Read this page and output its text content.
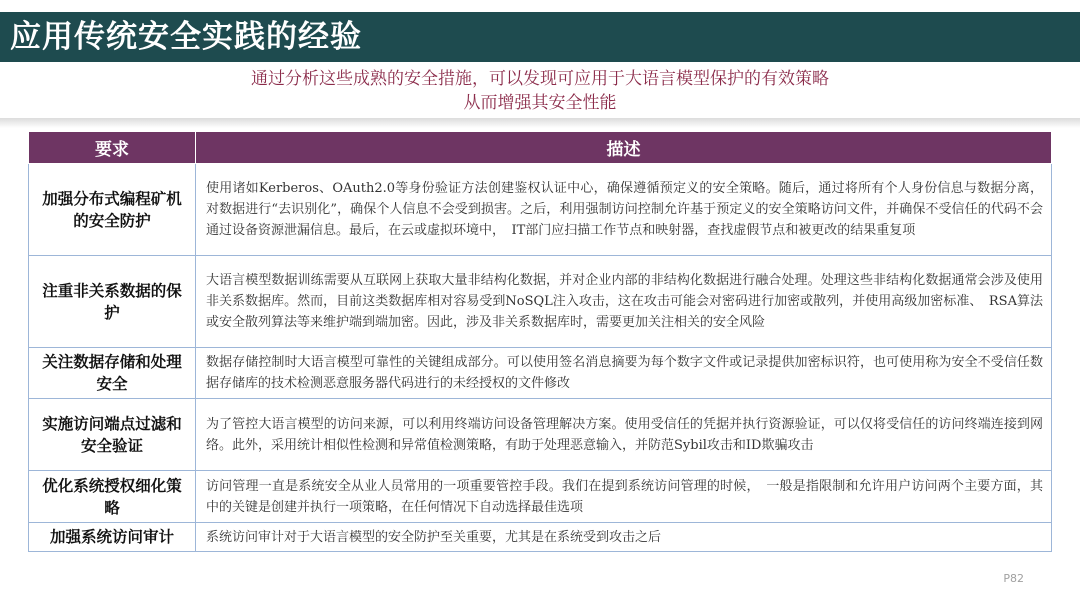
应用传统安全实践的经验
通过分析这些成熟的安全措施，可以发现可应用于大语言模型保护的有效策略
从而增强其安全性能
要求	描述
加强分布式编程矿机的安全防护	使用诸如Kerberos、OAuth2.0等身份验证方法创建鉴权认证中心，确保遵循预定义的安全策略。随后，通过将所有个人身份信息与数据分离，对数据进行“去识别化”，确保个人信息不会受到损害。之后，利用强制访问控制允许基于预定义的安全策略访问文件，并确保不受信任的代码不会通过设备资源泄漏信息。最后，在云或虚拟环境中，　IT部门应扫描工作节点和映射器，查找虚假节点和被更改的结果重复项
注重非关系数据的保护	大语言模型数据训练需要从互联网上获取大量非结构化数据，并对企业内部的非结构化数据进行融合处理。处理这些非结构化数据通常会涉及使用非关系数据库。然而，目前这类数据库相对容易受到NoSQL注入攻击，这在攻击可能会对密码进行加密或散列，并使用高级加密标准、　RSA算法或安全散列算法等来维护端到端加密。因此，涉及非关系数据库时，需要更加关注相关的安全风险
关注数据存储和处理安全	数据存储控制时大语言模型可靠性的关键组成部分。可以使用签名消息摘要为每个数字文件或记录提供加密标识符，也可使用称为安全不受信任数据存储库的技术检测恶意服务器代码进行的未经授权的文件修改
实施访问端点过滤和安全验证	为了管控大语言模型的访问来源，可以利用终端访问设备管理解决方案。使用受信任的凭据并执行资源验证，可以仅将受信任的访问终端连接到网络。此外，采用统计相似性检测和异常值检测策略，有助于处理恶意输入，并防范Sybil攻击和ID欺骗攻击
优化系统授权细化策略	访问管理一直是系统安全从业人员常用的一项重要管控手段。我们在提到系统访问管理的时候，　一般是指限制和允许用户访问两个主要方面，其中的关键是创建并执行一项策略，在任何情况下自动选择最佳选项
加强系统访问审计	系统访问审计对于大语言模型的安全防护至关重要，尤其是在系统受到攻击之后
P82
